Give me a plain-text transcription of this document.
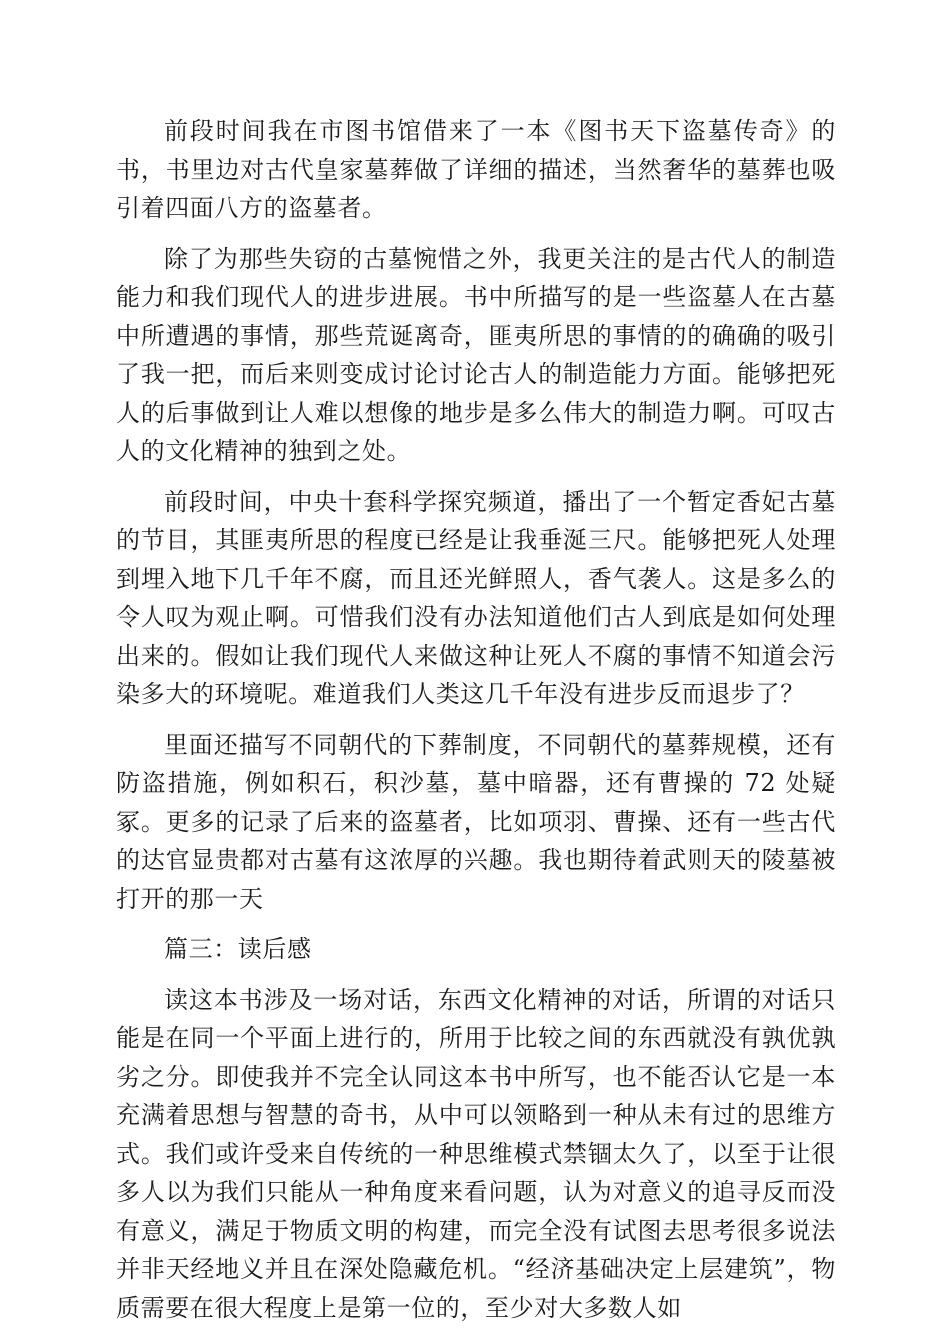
前段时间我在市图书馆借来了一本《图书天下盗墓传奇》的书，书里边对古代皇家墓葬做了详细的描述，当然奢华的墓葬也吸引着四面八方的盗墓者。

除了为那些失窃的古墓惋惜之外，我更关注的是古代人的制造能力和我们现代人的进步进展。书中所描写的是一些盗墓人在古墓中所遭遇的事情，那些荒诞离奇，匪夷所思的事情的的确确的吸引了我一把，而后来则变成讨论讨论古人的制造能力方面。能够把死人的后事做到让人难以想像的地步是多么伟大的制造力啊。可叹古人的文化精神的独到之处。

前段时间，中央十套科学探究频道，播出了一个暂定香妃古墓的节目，其匪夷所思的程度已经是让我垂涎三尺。能够把死人处理到埋入地下几千年不腐，而且还光鲜照人，香气袭人。这是多么的令人叹为观止啊。可惜我们没有办法知道他们古人到底是如何处理出来的。假如让我们现代人来做这种让死人不腐的事情不知道会污染多大的环境呢。难道我们人类这几千年没有进步反而退步了？

里面还描写不同朝代的下葬制度，不同朝代的墓葬规模，还有防盗措施，例如积石，积沙墓，墓中暗器，还有曹操的 72 处疑冢。更多的记录了后来的盗墓者，比如项羽、曹操、还有一些古代的达官显贵都对古墓有这浓厚的兴趣。我也期待着武则天的陵墓被打开的那一天

篇三：读后感

读这本书涉及一场对话，东西文化精神的对话，所谓的对话只能是在同一个平面上进行的，所用于比较之间的东西就没有孰优孰劣之分。即使我并不完全认同这本书中所写，也不能否认它是一本充满着思想与智慧的奇书，从中可以领略到一种从未有过的思维方式。我们或许受来自传统的一种思维模式禁锢太久了，以至于让很多人以为我们只能从一种角度来看问题，认为对意义的追寻反而没有意义，满足于物质文明的构建，而完全没有试图去思考很多说法并非天经地义并且在深处隐藏危机。“经济基础决定上层建筑”，物质需要在很大程度上是第一位的，至少对大多数人如
